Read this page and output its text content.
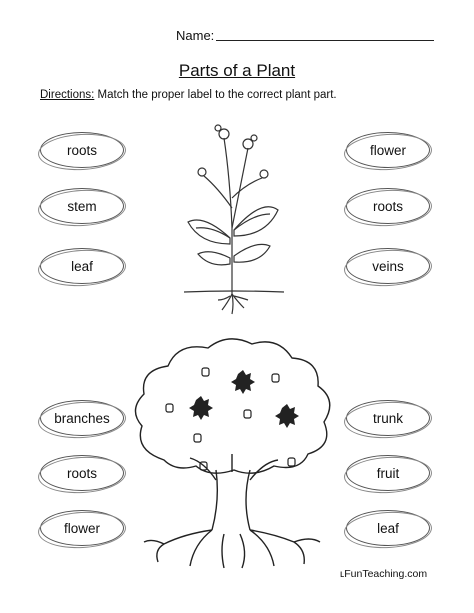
Name:
Parts of a Plant
Directions: Match the proper label to the correct plant part.
roots
stem
leaf
flower
roots
veins
branches
roots
flower
trunk
fruit
leaf
ʟFunTeaching.com
